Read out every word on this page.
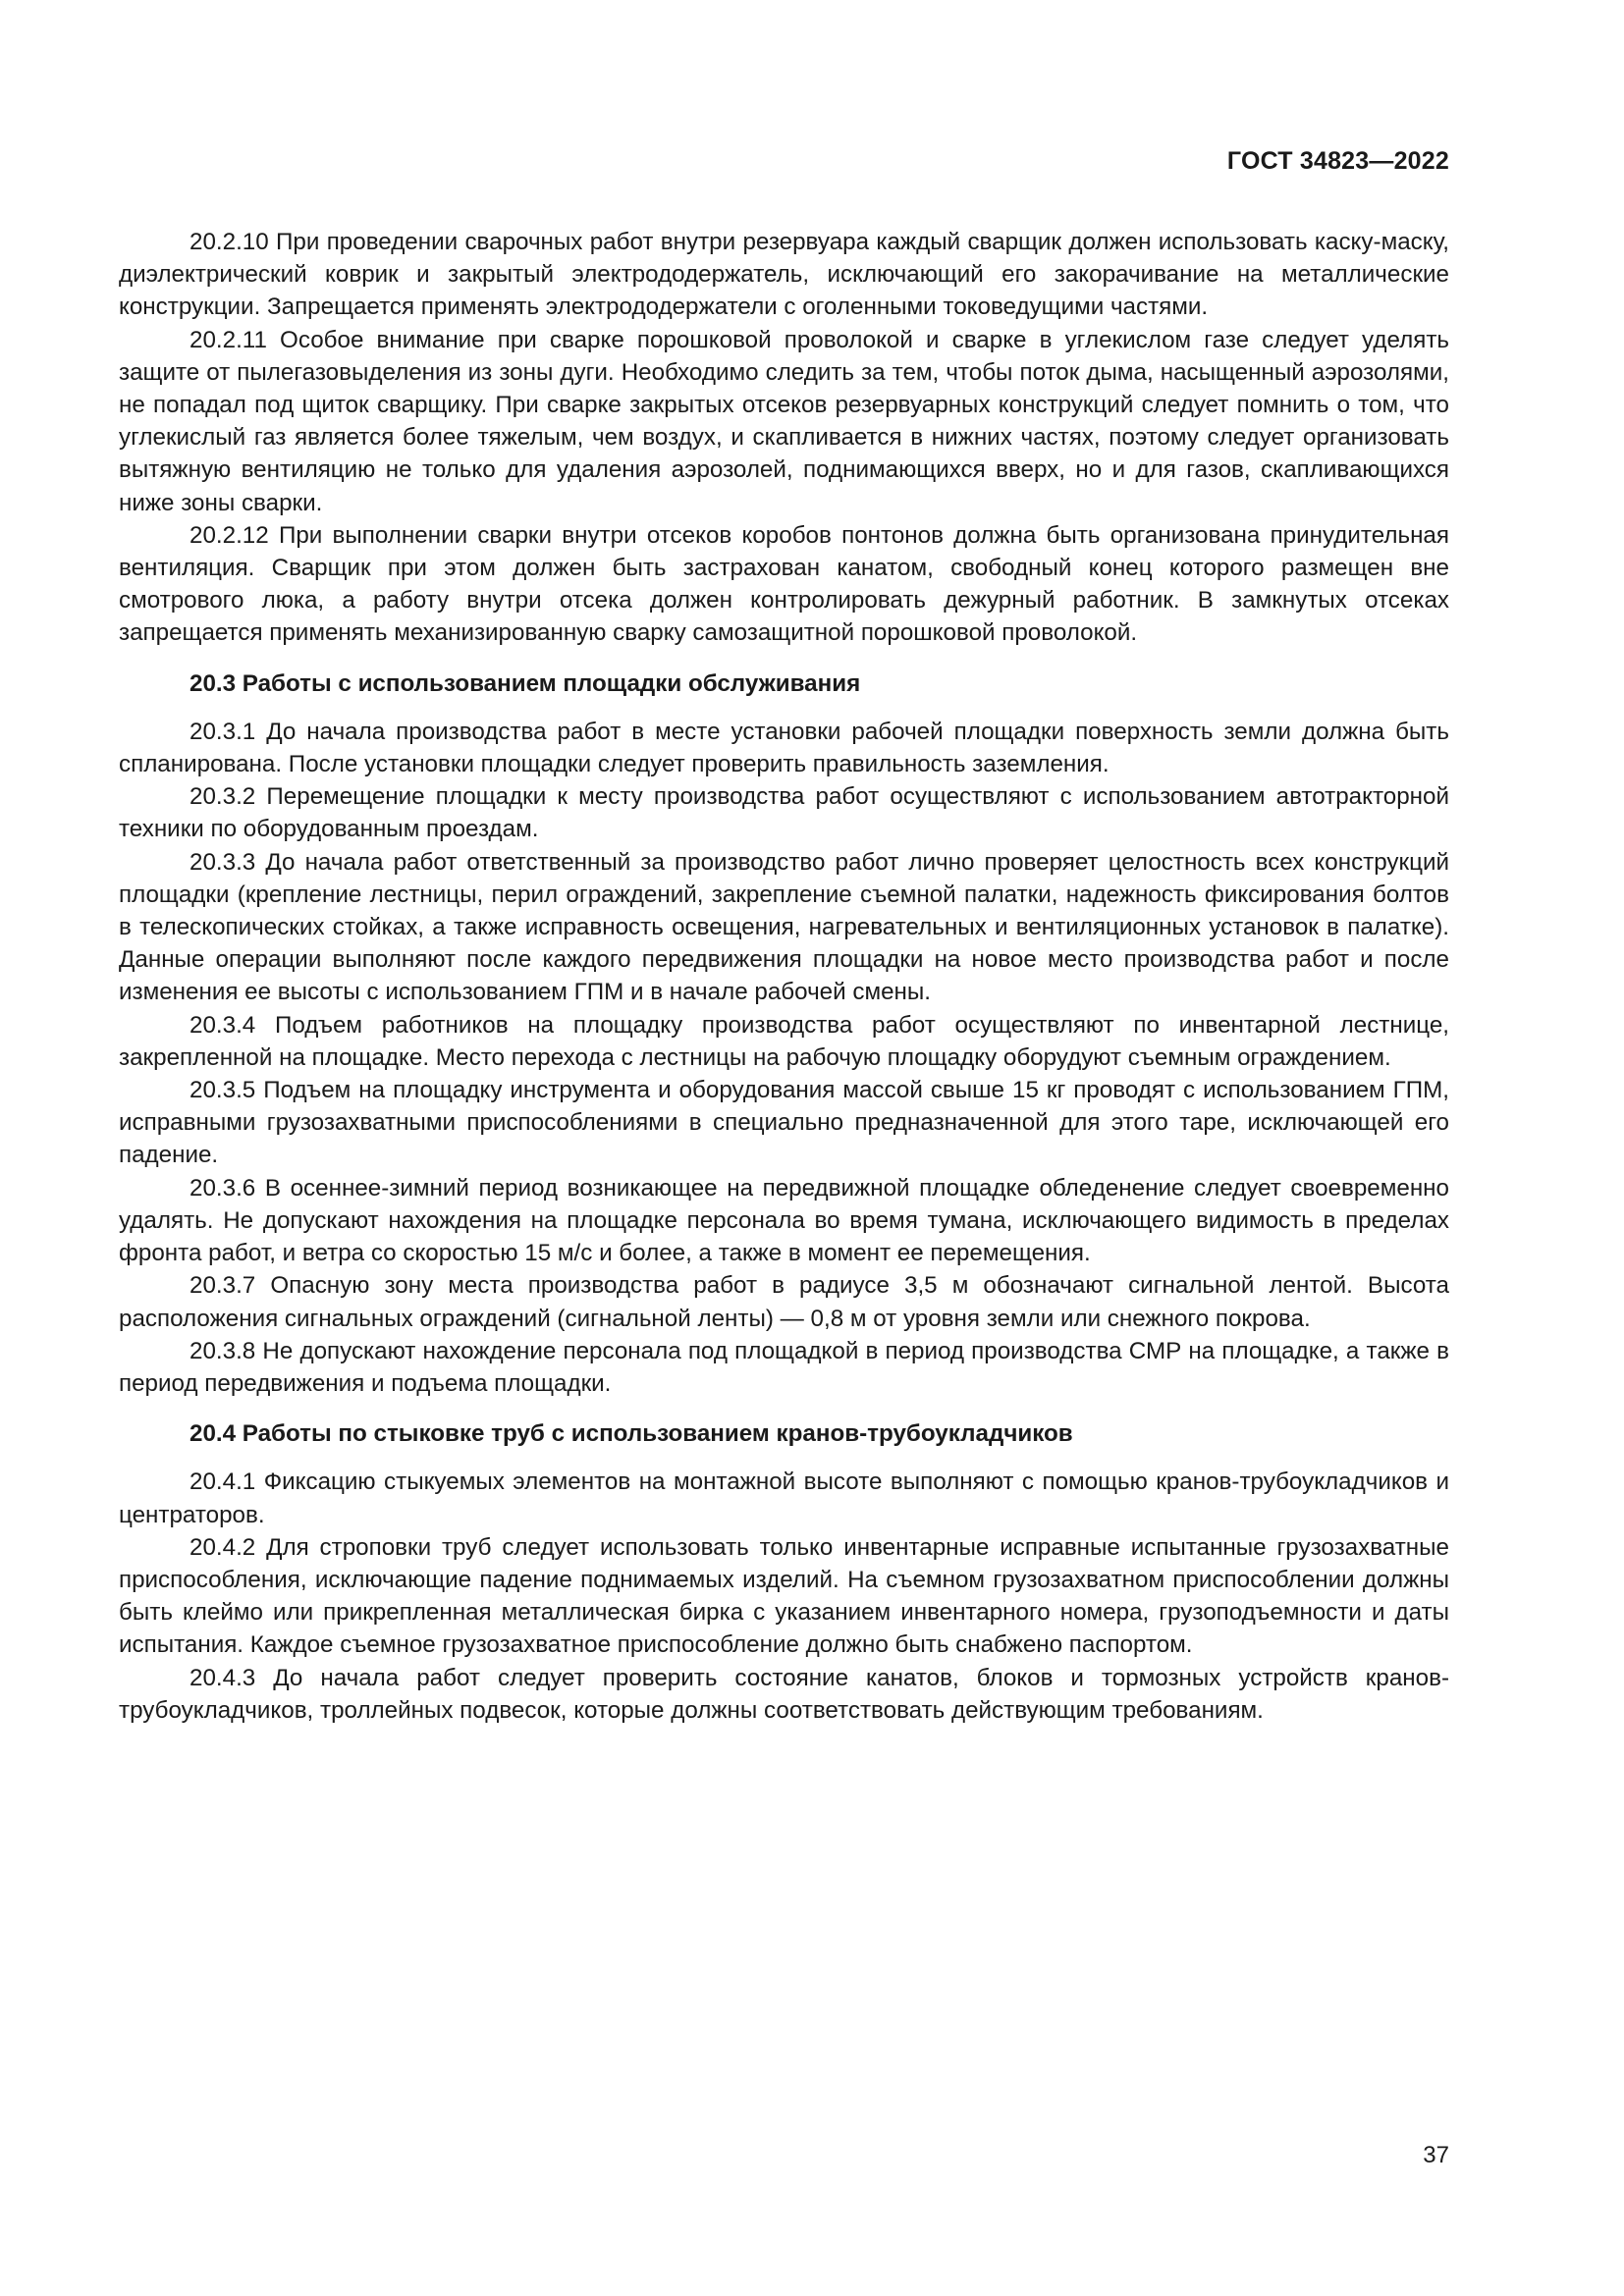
ГОСТ 34823—2022

20.2.10 При проведении сварочных работ внутри резервуара каждый сварщик должен использовать каску-маску, диэлектрический коврик и закрытый электрододержатель, исключающий его закорачивание на металлические конструкции. Запрещается применять электрододержатели с оголенными токоведущими частями.

20.2.11 Особое внимание при сварке порошковой проволокой и сварке в углекислом газе следует уделять защите от пылегазовыделения из зоны дуги. Необходимо следить за тем, чтобы поток дыма, насыщенный аэрозолями, не попадал под щиток сварщику. При сварке закрытых отсеков резервуарных конструкций следует помнить о том, что углекислый газ является более тяжелым, чем воздух, и скапливается в нижних частях, поэтому следует организовать вытяжную вентиляцию не только для удаления аэрозолей, поднимающихся вверх, но и для газов, скапливающихся ниже зоны сварки.

20.2.12 При выполнении сварки внутри отсеков коробов понтонов должна быть организована принудительная вентиляция. Сварщик при этом должен быть застрахован канатом, свободный конец которого размещен вне смотрового люка, а работу внутри отсека должен контролировать дежурный работник. В замкнутых отсеках запрещается применять механизированную сварку самозащитной порошковой проволокой.

20.3 Работы с использованием площадки обслуживания

20.3.1 До начала производства работ в месте установки рабочей площадки поверхность земли должна быть спланирована. После установки площадки следует проверить правильность заземления.

20.3.2 Перемещение площадки к месту производства работ осуществляют с использованием автотракторной техники по оборудованным проездам.

20.3.3 До начала работ ответственный за производство работ лично проверяет целостность всех конструкций площадки (крепление лестницы, перил ограждений, закрепление съемной палатки, надежность фиксирования болтов в телескопических стойках, а также исправность освещения, нагревательных и вентиляционных установок в палатке). Данные операции выполняют после каждого передвижения площадки на новое место производства работ и после изменения ее высоты с использованием ГПМ и в начале рабочей смены.

20.3.4 Подъем работников на площадку производства работ осуществляют по инвентарной лестнице, закрепленной на площадке. Место перехода с лестницы на рабочую площадку оборудуют съемным ограждением.

20.3.5 Подъем на площадку инструмента и оборудования массой свыше 15 кг проводят с использованием ГПМ, исправными грузозахватными приспособлениями в специально предназначенной для этого таре, исключающей его падение.

20.3.6 В осеннее-зимний период возникающее на передвижной площадке обледенение следует своевременно удалять. Не допускают нахождения на площадке персонала во время тумана, исключающего видимость в пределах фронта работ, и ветра со скоростью 15 м/с и более, а также в момент ее перемещения.

20.3.7 Опасную зону места производства работ в радиусе 3,5 м обозначают сигнальной лентой. Высота расположения сигнальных ограждений (сигнальной ленты) — 0,8 м от уровня земли или снежного покрова.

20.3.8 Не допускают нахождение персонала под площадкой в период производства СМР на площадке, а также в период передвижения и подъема площадки.

20.4 Работы по стыковке труб с использованием кранов-трубоукладчиков

20.4.1 Фиксацию стыкуемых элементов на монтажной высоте выполняют с помощью кранов-трубоукладчиков и центраторов.

20.4.2 Для строповки труб следует использовать только инвентарные исправные испытанные грузозахватные приспособления, исключающие падение поднимаемых изделий. На съемном грузозахватном приспособлении должны быть клеймо или прикрепленная металлическая бирка с указанием инвентарного номера, грузоподъемности и даты испытания. Каждое съемное грузозахватное приспособление должно быть снабжено паспортом.

20.4.3 До начала работ следует проверить состояние канатов, блоков и тормозных устройств кранов-трубоукладчиков, троллейных подвесок, которые должны соответствовать действующим требованиям.

37
